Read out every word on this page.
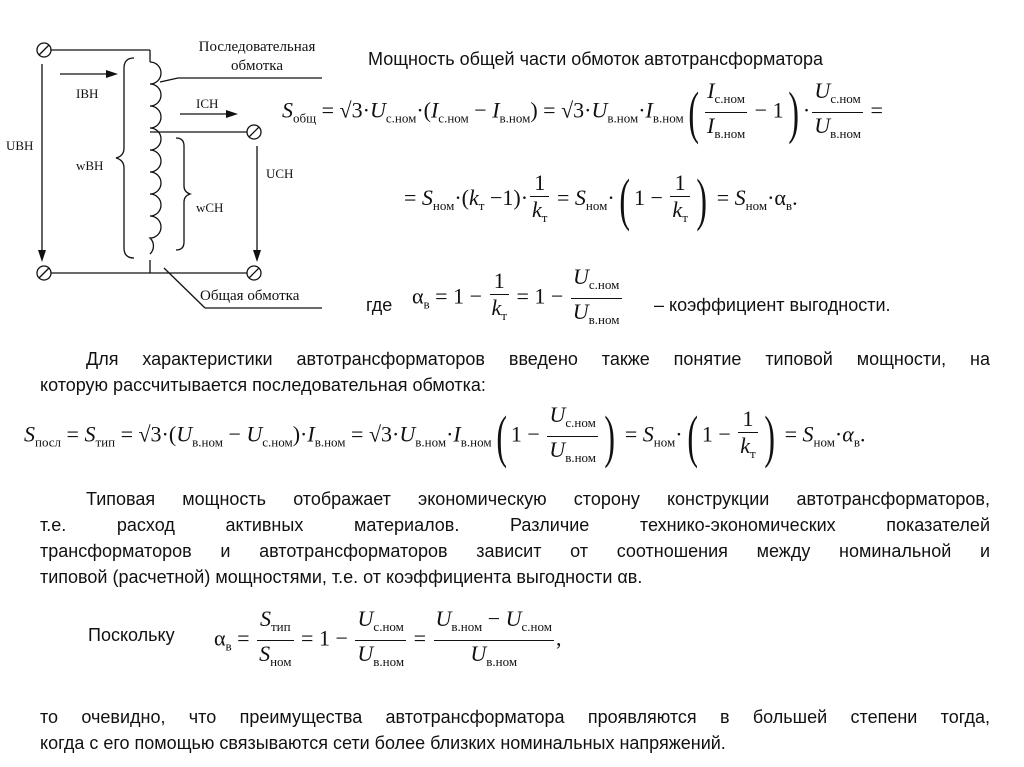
Последовательная обмотка
Общая обмотка
UВН
IВН
wВН
IСН
UСН
wСН
Мощность общей части обмоток автотрансформатора
$S_{общ} = √3\cdot U_{с.ном}\cdot(I_{с.ном} - I_{в.ном}) = √3\cdot U_{в.ном}\cdot I_{в.ном}( \frac{I_{с.ном}}{I_{в.ном}} - 1) \cdot \frac{U_{с.ном}}{U_{в.ном}}$ =
= $S_{ном}\cdot(k_т -1)\cdot \frac{1}{k_т} = S_{ном}\cdot$( $1 - \frac{1}{k_т}$ ) = $S_{ном}\cdot\alpha_в$.
где $\alpha_в = 1 - \frac{1}{k_т} = 1 - \frac{U_{с.ном}}{U_{в.ном}}$ – коэффициент выгодности.
Для характеристики автотрансформаторов введено также понятие типовой мощности, на
которую рассчитывается последовательная обмотка:
$S_{посл} = S_{тип} = √3\cdot(U_{в.ном} - U_{с.ном})\cdot I_{в.ном} = √3\cdot U_{в.ном}\cdot I_{в.ном}$( $1 - \frac{U_{с.ном}}{U_{в.ном}}$ ) = $S_{ном}\cdot$( $1 - \frac{1}{k_т}$ ) = $S_{ном}\cdot\alpha_в$.
Типовая мощность отображает экономическую сторону конструкции автотрансформаторов,
т.е. расход активных материалов. Различие технико-экономических показателей
трансформаторов и автотрансформаторов зависит от соотношения между номинальной и
типовой (расчетной) мощностями, т.е. от коэффициента выгодности αв.
Поскольку $\alpha_в = \frac{S_{тип}}{S_{ном}} = 1 - \frac{U_{с.ном}}{U_{в.ном}} = \frac{U_{в.ном} - U_{с.ном}}{U_{в.ном}}$ ,
то очевидно, что преимущества автотрансформатора проявляются в большей степени тогда,
когда с его помощью связываются сети более близких номинальных напряжений.
